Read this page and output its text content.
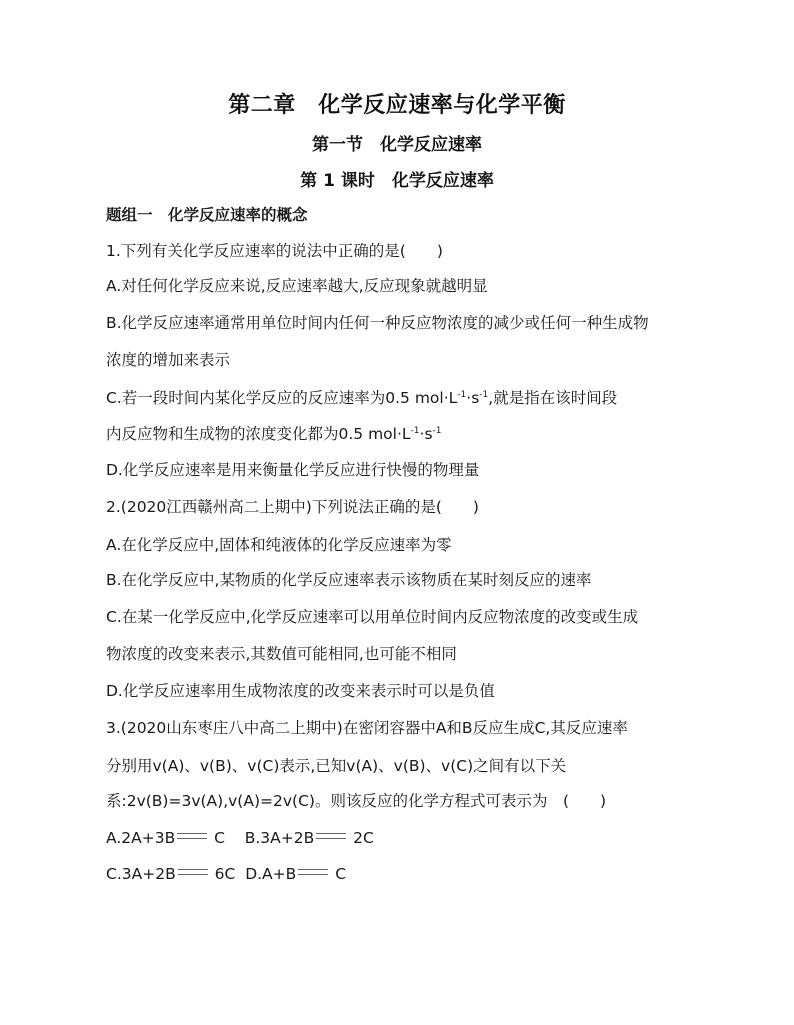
第二章　化学反应速率与化学平衡
第一节　化学反应速率
第 1 课时　化学反应速率
题组一　化学反应速率的概念
1.下列有关化学反应速率的说法中正确的是(　　)
A.对任何化学反应来说,反应速率越大,反应现象就越明显
B.化学反应速率通常用单位时间内任何一种反应物浓度的减少或任何一种生成物
浓度的增加来表示
C.若一段时间内某化学反应的反应速率为0.5 $mol\cdot L^{-1}\cdot s^{-1}$,就是指在该时间段
内反应物和生成物的浓度变化都为0.5 $mol\cdot L^{-1}\cdot s^{-1}$
D.化学反应速率是用来衡量化学反应进行快慢的物理量
2.(2020江西赣州高二上期中)下列说法正确的是(　　)
A.在化学反应中,固体和纯液体的化学反应速率为零
B.在化学反应中,某物质的化学反应速率表示该物质在某时刻反应的速率
C.在某一化学反应中,化学反应速率可以用单位时间内反应物浓度的改变或生成
物浓度的改变来表示,其数值可能相同,也可能不相同
D.化学反应速率用生成物浓度的改变来表示时可以是负值
3.(2020山东枣庄八中高二上期中)在密闭容器中A和B反应生成C,其反应速率
分别用v(A)、v(B)、v(C)表示,已知v(A)、v(B)、v(C)之间有以下关
系:2v(B)=3v(A),v(A)=2v(C)。则该反应的化学方程式可表示为　(　　)
A.2A+3B	C B.3A+2B	2C
C.3A+2B	6C D.A+B	C
